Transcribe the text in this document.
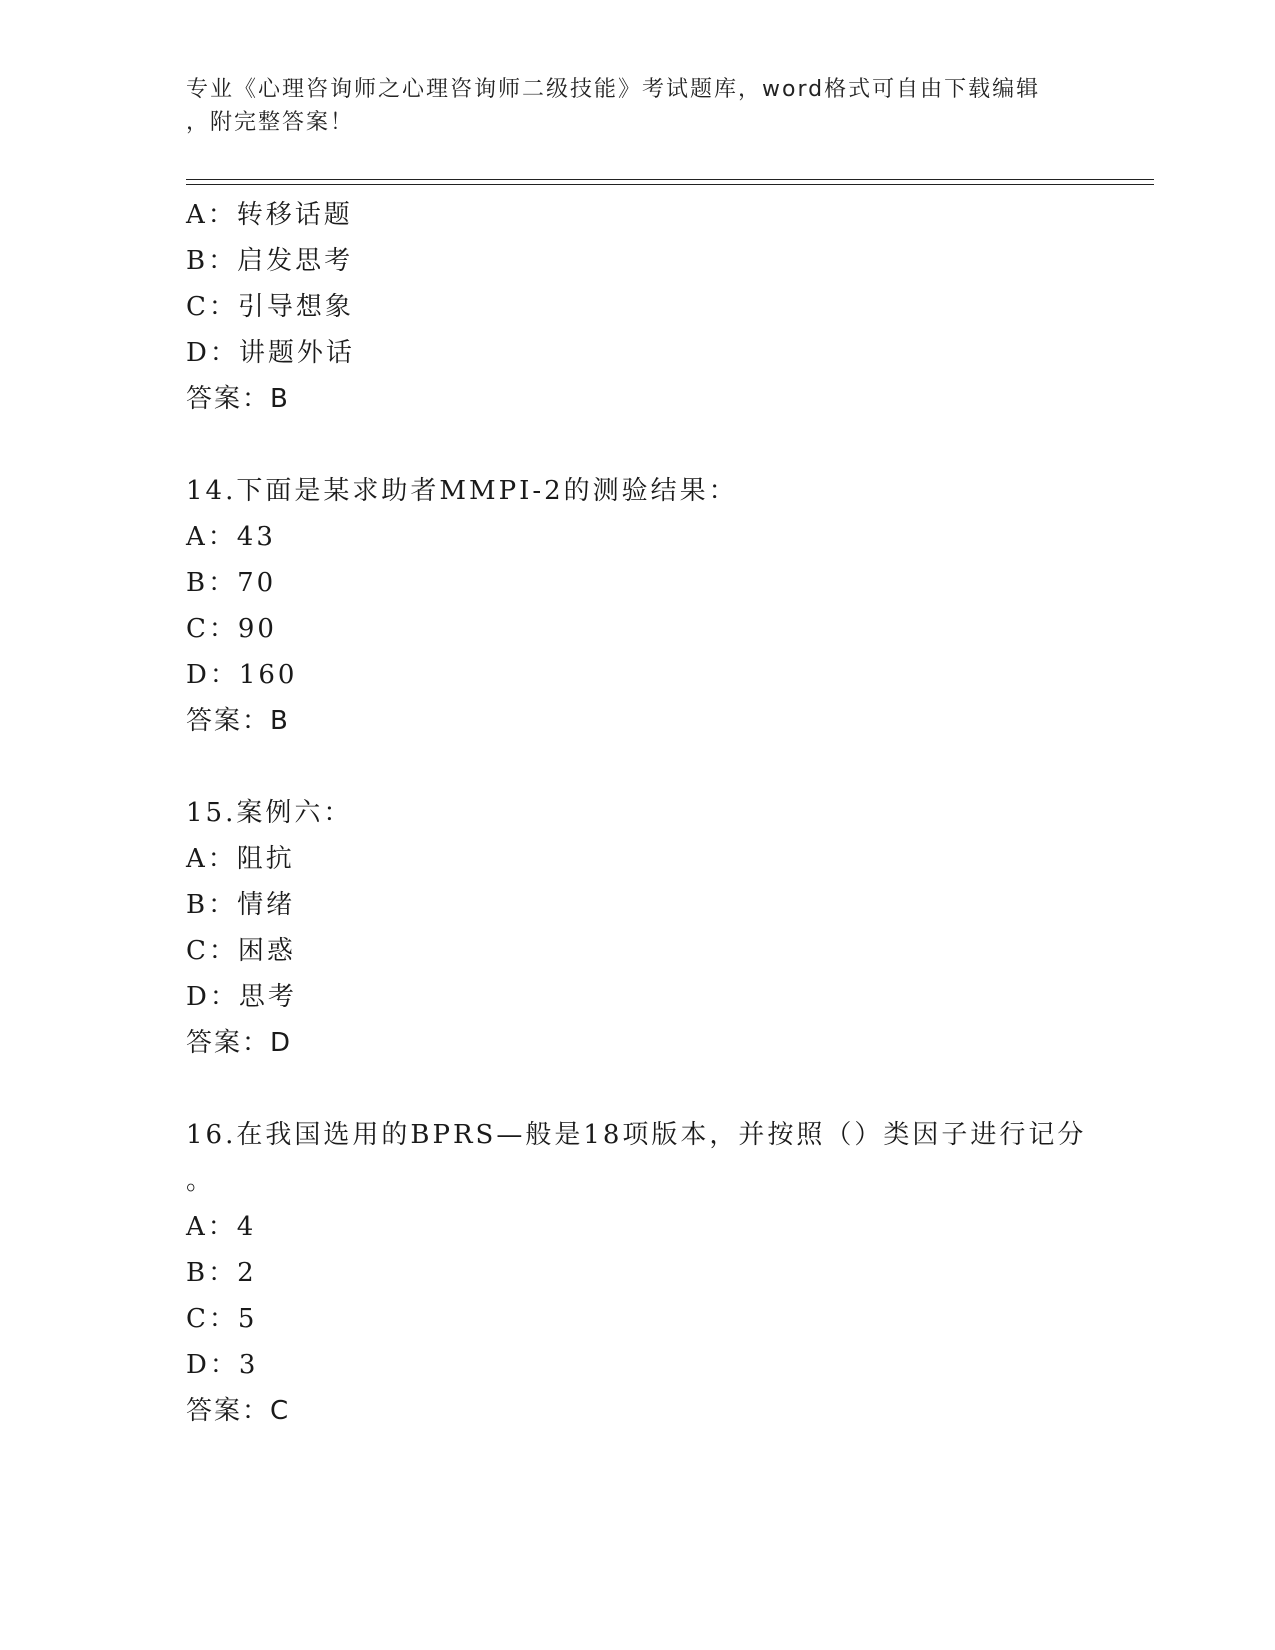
专业《心理咨询师之心理咨询师二级技能》考试题库，word格式可自由下载编辑
，附完整答案！
A：转移话题
B：启发思考
C：引导想象
D：讲题外话
答案：B
14.下面是某求助者MMPI-2的测验结果：
A：43
B：70
C：90
D：160
答案：B
15.案例六：
A：阻抗
B：情绪
C：困惑
D：思考
答案：D
16.在我国选用的BPRS—般是18项版本，并按照（）类因子进行记分
。
A：4
B：2
C：5
D：3
答案：C
